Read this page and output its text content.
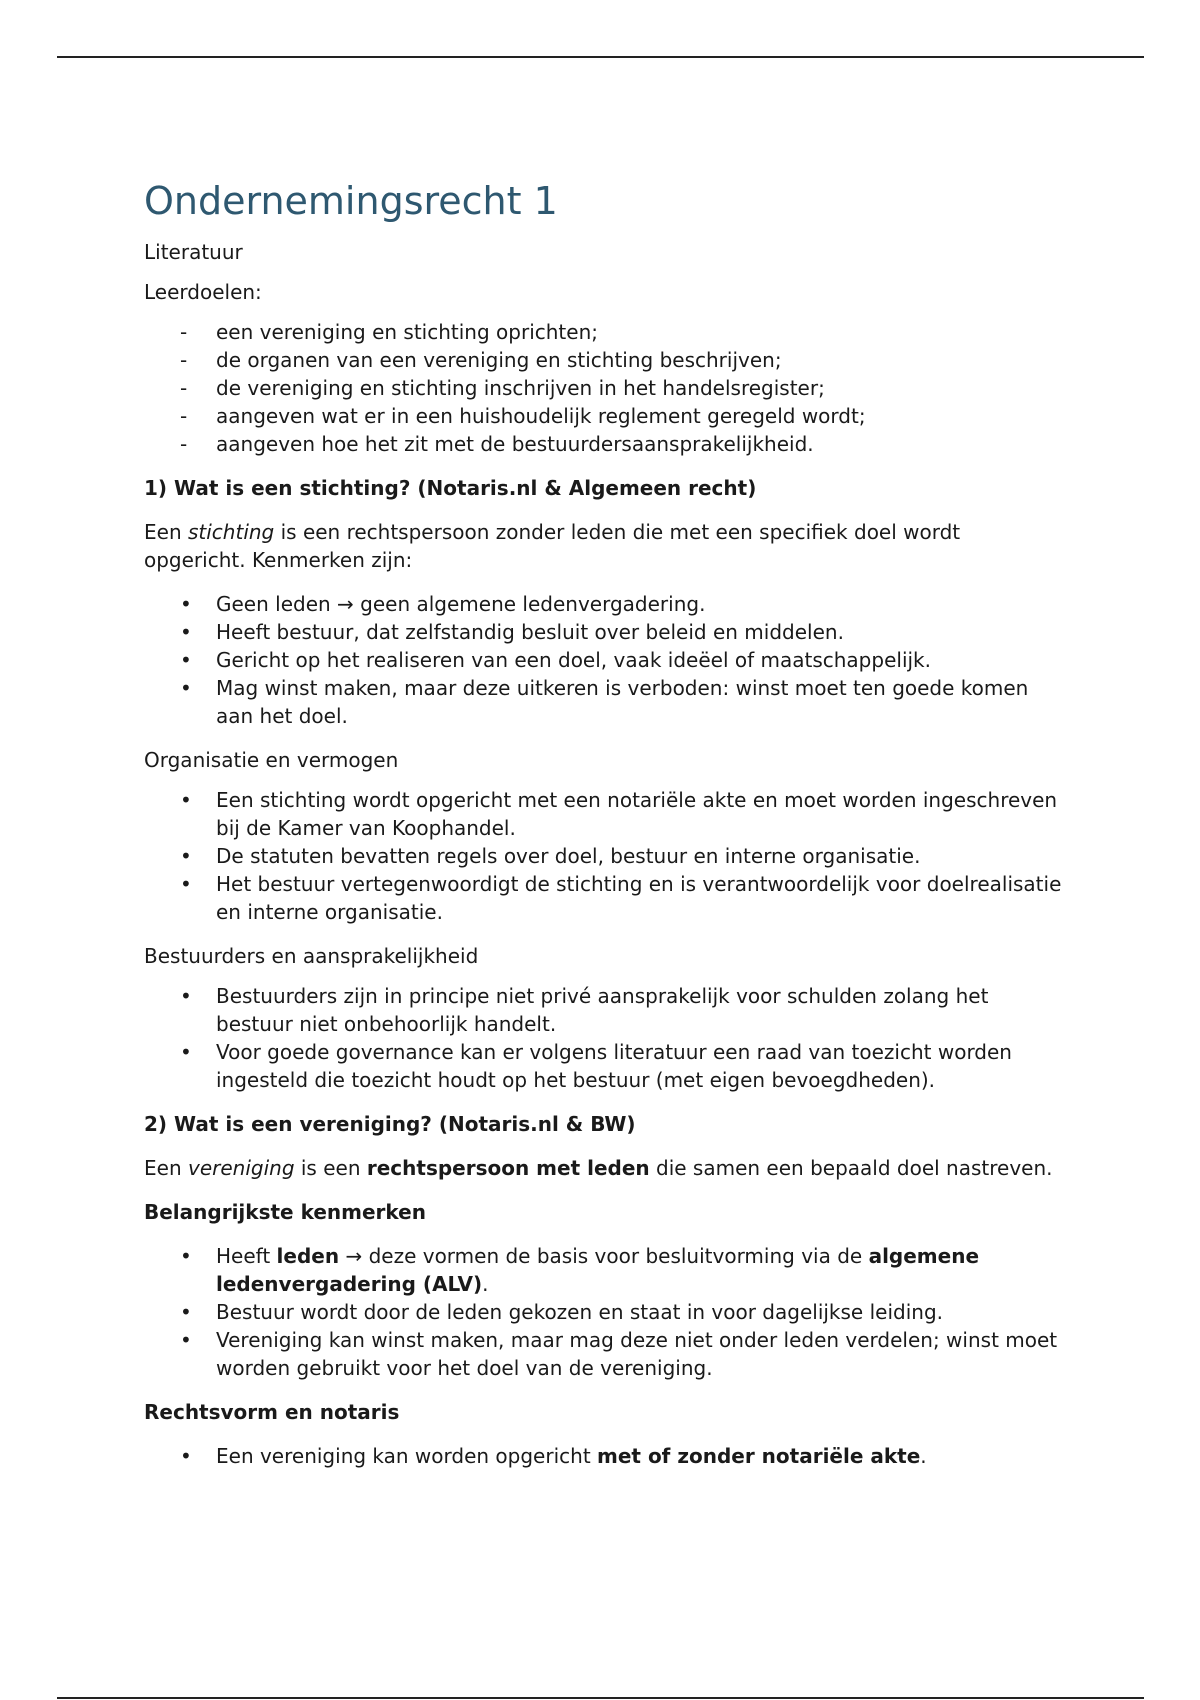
Ondernemingsrecht 1

Literatuur

Leerdoelen:

- een vereniging en stichting oprichten;
- de organen van een vereniging en stichting beschrijven;
- de vereniging en stichting inschrijven in het handelsregister;
- aangeven wat er in een huishoudelijk reglement geregeld wordt;
- aangeven hoe het zit met de bestuurdersaansprakelijkheid.

1) Wat is een stichting? (Notaris.nl & Algemeen recht)

Een stichting is een rechtspersoon zonder leden die met een specifiek doel wordt opgericht. Kenmerken zijn:

• Geen leden → geen algemene ledenvergadering.
• Heeft bestuur, dat zelfstandig besluit over beleid en middelen.
• Gericht op het realiseren van een doel, vaak ideëel of maatschappelijk.
• Mag winst maken, maar deze uitkeren is verboden: winst moet ten goede komen aan het doel.

Organisatie en vermogen

• Een stichting wordt opgericht met een notariële akte en moet worden ingeschreven bij de Kamer van Koophandel.
• De statuten bevatten regels over doel, bestuur en interne organisatie.
• Het bestuur vertegenwoordigt de stichting en is verantwoordelijk voor doelrealisatie en interne organisatie.

Bestuurders en aansprakelijkheid

• Bestuurders zijn in principe niet privé aansprakelijk voor schulden zolang het bestuur niet onbehoorlijk handelt.
• Voor goede governance kan er volgens literatuur een raad van toezicht worden ingesteld die toezicht houdt op het bestuur (met eigen bevoegdheden).

2) Wat is een vereniging? (Notaris.nl & BW)

Een vereniging is een rechtspersoon met leden die samen een bepaald doel nastreven.

Belangrijkste kenmerken

• Heeft leden → deze vormen de basis voor besluitvorming via de algemene ledenvergadering (ALV).
• Bestuur wordt door de leden gekozen en staat in voor dagelijkse leiding.
• Vereniging kan winst maken, maar mag deze niet onder leden verdelen; winst moet worden gebruikt voor het doel van de vereniging.

Rechtsvorm en notaris

• Een vereniging kan worden opgericht met of zonder notariële akte.
